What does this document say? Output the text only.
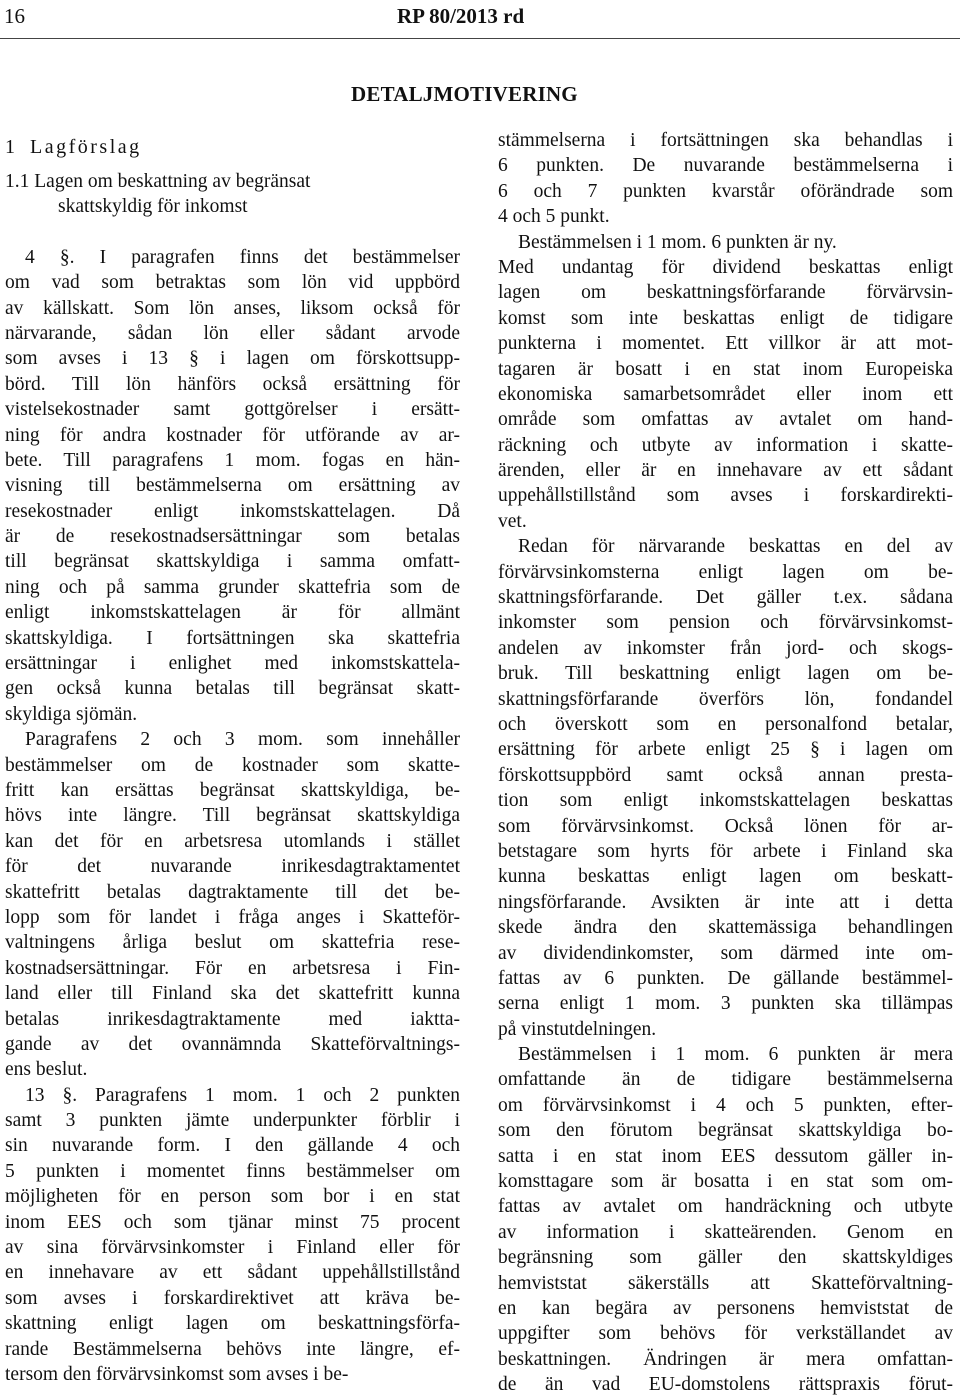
16	RP 80/2013 rd
DETALJMOTIVERING
1 Lagförslag
1.1 Lagen om beskattning av begränsat
skattskyldig för inkomst
4 §. I paragrafen finns det bestämmelser
om vad som betraktas som lön vid uppbörd
av källskatt. Som lön anses, liksom också för
närvarande, sådan lön eller sådant arvode
som avses i 13 § i lagen om förskottsupp-
börd. Till lön hänförs också ersättning för
vistelsekostnader samt gottgörelser i ersätt-
ning för andra kostnader för utförande av ar-
bete. Till paragrafens 1 mom. fogas en hän-
visning till bestämmelserna om ersättning av
resekostnader enligt inkomstskattelagen. Då
är de resekostnadsersättningar som betalas
till begränsat skattskyldiga i samma omfatt-
ning och på samma grunder skattefria som de
enligt inkomstskattelagen är för allmänt
skattskyldiga. I fortsättningen ska skattefria
ersättningar i enlighet med inkomstskattela-
gen också kunna betalas till begränsat skatt-
skyldiga sjömän.
Paragrafens 2 och 3 mom. som innehåller
bestämmelser om de kostnader som skatte-
fritt kan ersättas begränsat skattskyldiga, be-
hövs inte längre. Till begränsat skattskyldiga
kan det för en arbetsresa utomlands i stället
för det nuvarande inrikesdagtraktamentet
skattefritt betalas dagtraktamente till det be-
lopp som för landet i fråga anges i Skatteför-
valtningens årliga beslut om skattefria rese-
kostnadsersättningar. För en arbetsresa i Fin-
land eller till Finland ska det skattefritt kunna
betalas inrikesdagtraktamente med iaktta-
gande av det ovannämnda Skatteförvaltnings-
ens beslut.
13 §. Paragrafens 1 mom. 1 och 2 punkten
samt 3 punkten jämte underpunkter förblir i
sin nuvarande form. I den gällande 4 och
5 punkten i momentet finns bestämmelser om
möjligheten för en person som bor i en stat
inom EES och som tjänar minst 75 procent
av sina förvärvsinkomster i Finland eller för
en innehavare av ett sådant uppehållstillstånd
som avses i forskardirektivet att kräva be-
skattning enligt lagen om beskattningsförfa-
rande Bestämmelserna behövs inte längre, ef-
tersom den förvärvsinkomst som avses i be-
stämmelserna i fortsättningen ska behandlas i
6 punkten. De nuvarande bestämmelserna i
6 och 7 punkten kvarstår oförändrade som
4 och 5 punkt.
Bestämmelsen i 1 mom. 6 punkten är ny.
Med undantag för dividend beskattas enligt
lagen om beskattningsförfarande förvärvsin-
komst som inte beskattas enligt de tidigare
punkterna i momentet. Ett villkor är att mot-
tagaren är bosatt i en stat inom Europeiska
ekonomiska samarbetsområdet eller inom ett
område som omfattas av avtalet om hand-
räckning och utbyte av information i skatte-
ärenden, eller är en innehavare av ett sådant
uppehållstillstånd som avses i forskardirekti-
vet.
Redan för närvarande beskattas en del av
förvärvsinkomsterna enligt lagen om be-
skattningsförfarande. Det gäller t.ex. sådana
inkomster som pension och förvärvsinkomst-
andelen av inkomster från jord- och skogs-
bruk. Till beskattning enligt lagen om be-
skattningsförfarande överförs lön, fondandel
och överskott som en personalfond betalar,
ersättning för arbete enligt 25 § i lagen om
förskottsuppbörd samt också annan presta-
tion som enligt inkomstskattelagen beskattas
som förvärvsinkomst. Också lönen för ar-
betstagare som hyrts för arbete i Finland ska
kunna beskattas enligt lagen om beskatt-
ningsförfarande. Avsikten är inte att i detta
skede ändra den skattemässiga behandlingen
av dividendinkomster, som därmed inte om-
fattas av 6 punkten. De gällande bestämmel-
serna enligt 1 mom. 3 punkten ska tillämpas
på vinstutdelningen.
Bestämmelsen i 1 mom. 6 punkten är mera
omfattande än de tidigare bestämmelserna
om förvärvsinkomst i 4 och 5 punkten, efter-
som den förutom begränsat skattskyldiga bo-
satta i en stat inom EES dessutom gäller in-
komsttagare som är bosatta i en stat som om-
fattas av avtalet om handräckning och utbyte
av information i skatteärenden. Genom en
begränsning som gäller den skattskyldiges
hemviststat säkerställs att Skatteförvaltning-
en kan begära av personens hemviststat de
uppgifter som behövs för verkställandet av
beskattningen. Ändringen är mera omfattan-
de än vad EU-domstolens rättspraxis förut-
